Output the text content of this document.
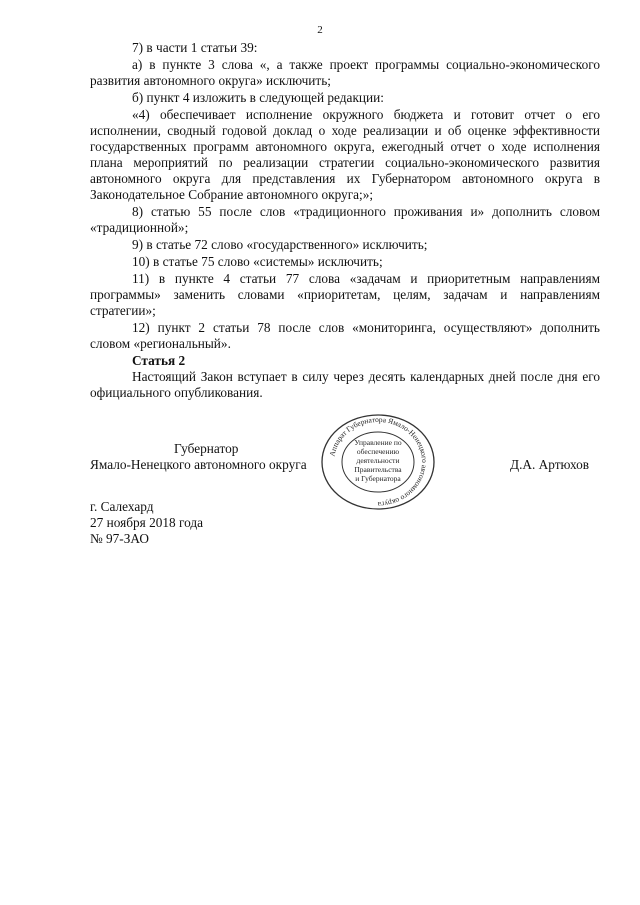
2

7) в части 1 статьи 39:

а) в пункте 3 слова «, а также проект программы социально-экономического развития автономного округа» исключить;

б) пункт 4 изложить в следующей редакции:

«4) обеспечивает исполнение окружного бюджета и готовит отчет о его исполнении, сводный годовой доклад о ходе реализации и об оценке эффективности государственных программ автономного округа, ежегодный отчет о ходе исполнения плана мероприятий по реализации стратегии социально-экономического развития автономного округа для представления их Губернатором автономного округа в Законодательное Собрание автономного округа;»;

8) статью 55 после слов «традиционного проживания и» дополнить словом «традиционной»;

9) в статье 72 слово «государственного» исключить;

10) в статье 75 слово «системы» исключить;

11) в пункте 4 статьи 77 слова «задачам и приоритетным направлениям программы» заменить словами «приоритетам, целям, задачам и направлениям стратегии»;

12) пункт 2 статьи 78 после слов «мониторинга, осуществляют» дополнить словом «региональный».

Статья 2

Настоящий Закон вступает в силу через десять календарных дней после дня его официального опубликования.

Губернатор
Ямало-Ненецкого автономного округа	Д.А. Артюхов
Аппарат Губернатора Ямало-Ненецкого автономного округа
Управление по
обеспечению
деятельности
Правительства
и Губернатора
г. Салехард
27 ноября 2018 года
№ 97-ЗАО
